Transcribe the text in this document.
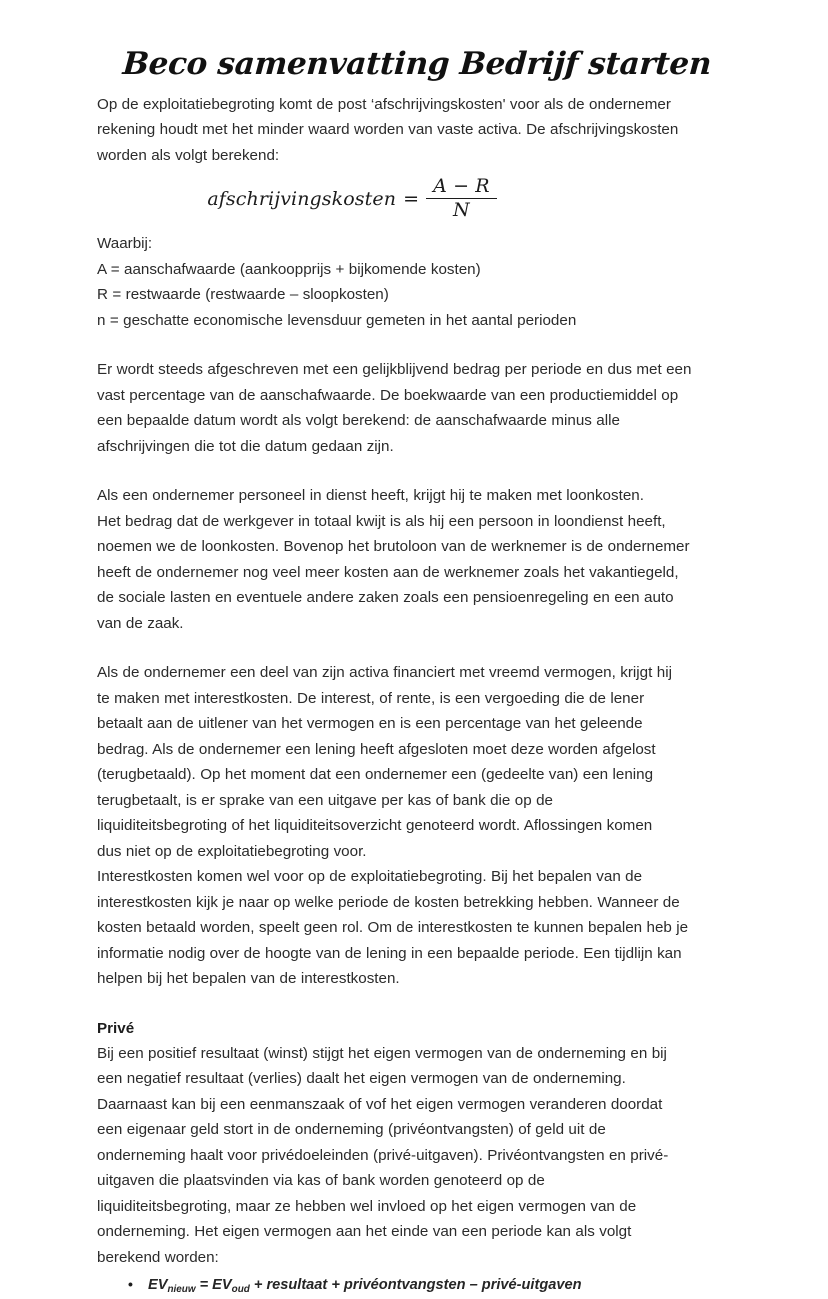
Beco samenvatting Bedrijf starten

Op de exploitatiebegroting komt de post ‘afschrijvingskosten' voor als de ondernemer
rekening houdt met het minder waard worden van vaste activa. De afschrijvingskosten
worden als volgt berekend:

afschrijvingskosten = $\frac{A - R}{N}$

Waarbij:
A = aanschafwaarde (aankoopprijs + bijkomende kosten)
R = restwaarde (restwaarde – sloopkosten)
n = geschatte economische levensduur gemeten in het aantal perioden

Er wordt steeds afgeschreven met een gelijkblijvend bedrag per periode en dus met een
vast percentage van de aanschafwaarde. De boekwaarde van een productiemiddel op
een bepaalde datum wordt als volgt berekend: de aanschafwaarde minus alle
afschrijvingen die tot die datum gedaan zijn.

Als een ondernemer personeel in dienst heeft, krijgt hij te maken met loonkosten.
Het bedrag dat de werkgever in totaal kwijt is als hij een persoon in loondienst heeft,
noemen we de loonkosten. Bovenop het brutoloon van de werknemer is de ondernemer
heeft de ondernemer nog veel meer kosten aan de werknemer zoals het vakantiegeld,
de sociale lasten en eventuele andere zaken zoals een pensioenregeling en een auto
van de zaak.

Als de ondernemer een deel van zijn activa financiert met vreemd vermogen, krijgt hij
te maken met interestkosten. De interest, of rente, is een vergoeding die de lener
betaalt aan de uitlener van het vermogen en is een percentage van het geleende
bedrag. Als de ondernemer een lening heeft afgesloten moet deze worden afgelost
(terugbetaald). Op het moment dat een ondernemer een (gedeelte van) een lening
terugbetaalt, is er sprake van een uitgave per kas of bank die op de
liquiditeitsbegroting of het liquiditeitsoverzicht genoteerd wordt. Aflossingen komen
dus niet op de exploitatiebegroting voor.
Interestkosten komen wel voor op de exploitatiebegroting. Bij het bepalen van de
interestkosten kijk je naar op welke periode de kosten betrekking hebben. Wanneer de
kosten betaald worden, speelt geen rol. Om de interestkosten te kunnen bepalen heb je
informatie nodig over de hoogte van de lening in een bepaalde periode. Een tijdlijn kan
helpen bij het bepalen van de interestkosten.

Privé

Bij een positief resultaat (winst) stijgt het eigen vermogen van de onderneming en bij
een negatief resultaat (verlies) daalt het eigen vermogen van de onderneming.
Daarnaast kan bij een eenmanszaak of vof het eigen vermogen veranderen doordat
een eigenaar geld stort in de onderneming (privéontvangsten) of geld uit de
onderneming haalt voor privédoeleinden (privé-uitgaven). Privéontvangsten en privé-
uitgaven die plaatsvinden via kas of bank worden genoteerd op de
liquiditeitsbegroting, maar ze hebben wel invloed op het eigen vermogen van de
onderneming. Het eigen vermogen aan het einde van een periode kan als volgt
berekend worden:

• $EV_{nieuw} = EV_{oud}$ + resultaat + privéontvangsten – privé-uitgaven
